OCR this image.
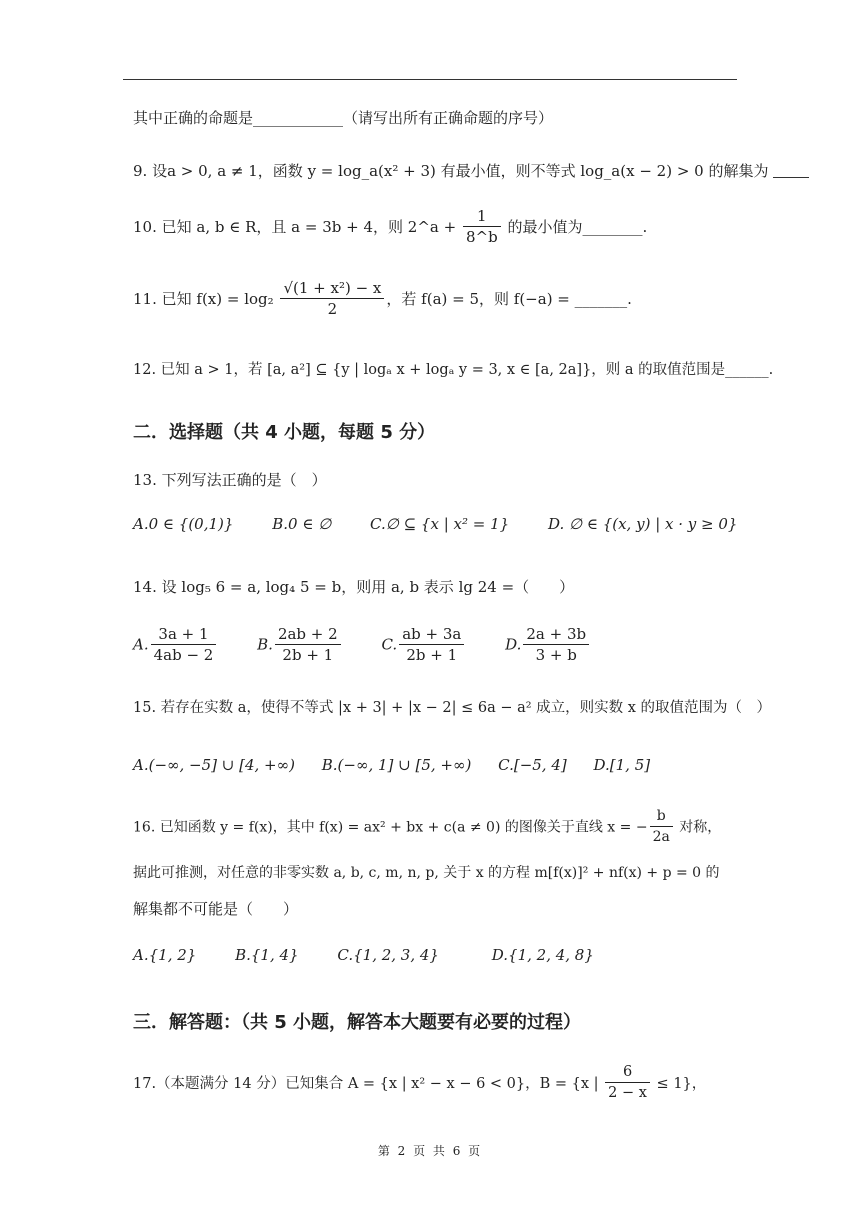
其中正确的命题是____________（请写出所有正确命题的序号）
9. 设a > 0, a ≠ 1，函数 y = log_a(x² + 3) 有最小值，则不等式 log_a(x − 2) > 0 的解集为
10. 已知 a, b ∈ R，且 a = 3b + 4，则 2^a + $\frac{1}{8\^{}b}$ 的最小值为________.
11. 已知 $f(x) = \log_2 \frac{\text{√(1 + x²) − x}}{2}$ ，若 f(a) = 5，则 f(−a) = _______.
12. 已知 a > 1，若 [a, a²] ⊆ {y | logₐ x + logₐ y = 3, x ∈ [a, 2a]}，则 a 的取值范围是______.
二．选择题（共 4 小题，每题 5 分）
13. 下列写法正确的是（　）
A.0 ∈ {(0,1)}	B.0 ∈ ∅	C.∅ ⊆ {x | x² = 1}	D. ∅ ∈ {(x, y) | x · y ≥ 0}
14. 设 log₅ 6 = a, log₄ 5 = b，则用 a, b 表示 lg 24 =（　　）
A. $\frac{3a + 1}{4ab - 2}$	B. $\frac{2ab + 2}{2b + 1}$	C. $\frac{ab + 3a}{2b + 1}$	D. $\frac{2a + 3b}{3 + b}$
15. 若存在实数 a，使得不等式 |x + 3| + |x − 2| ≤ 6a − a² 成立，则实数 x 的取值范围为（　）
A.(−∞, −5] ∪ [4, +∞) B.(−∞, 1] ∪ [5, +∞) C.[−5, 4] D.[1, 5]
16. 已知函数 y = f(x)，其中 f(x) = ax² + bx + c(a ≠ 0) 的图像关于直线 x = − $\frac{b}{2a}$ 对称，
据此可推测，对任意的非零实数 a, b, c, m, n, p, 关于 x 的方程 m[f(x)]² + nf(x) + p = 0 的
解集都不可能是（　　）
A.{1, 2}	B.{1, 4}	C.{1, 2, 3, 4}	D.{1, 2, 4, 8}
三．解答题：（共 5 小题，解答本大题要有必要的过程）
17.（本题满分 14 分）已知集合 A = {x | x² − x − 6 < 0}，B = {x | $\frac{6}{2 - x} \le 1$}，
第 2 页 共 6 页
